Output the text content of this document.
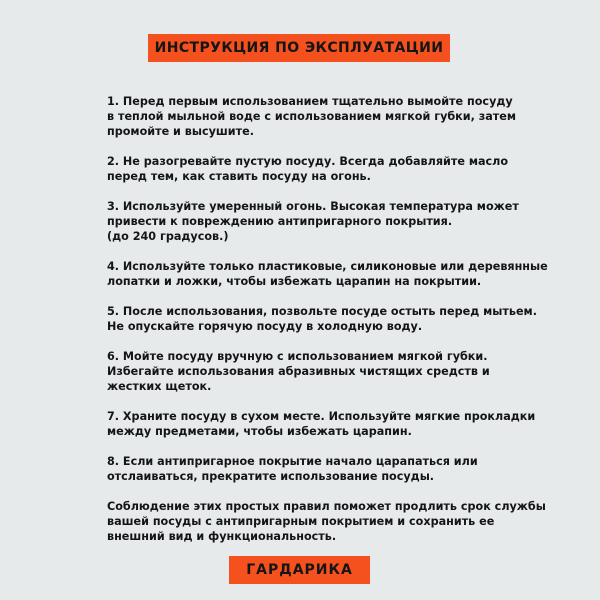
ИНСТРУКЦИЯ ПО ЭКСПЛУАТАЦИИ

1. Перед первым использованием тщательно вымойте посуду
в теплой мыльной воде с использованием мягкой губки, затем
промойте и высушите.

2. Не разогревайте пустую посуду. Всегда добавляйте масло
перед тем, как ставить посуду на огонь.

3. Используйте умеренный огонь. Высокая температура может
привести к повреждению антипригарного покрытия.
(до 240 градусов.)

4. Используйте только пластиковые, силиконовые или деревянные
лопатки и ложки, чтобы избежать царапин на покрытии.

5. После использования, позвольте посуде остыть перед мытьем.
Не опускайте горячую посуду в холодную воду.

6. Мойте посуду вручную с использованием мягкой губки.
Избегайте использования абразивных чистящих средств и
жестких щеток.

7. Храните посуду в сухом месте. Используйте мягкие прокладки
между предметами, чтобы избежать царапин.

8. Если антипригарное покрытие начало царапаться или
отслаиваться, прекратите использование посуды.

Соблюдение этих простых правил поможет продлить срок службы
вашей посуды с антипригарным покрытием и сохранить ее
внешний вид и функциональность.

ГАРДАРИКА
